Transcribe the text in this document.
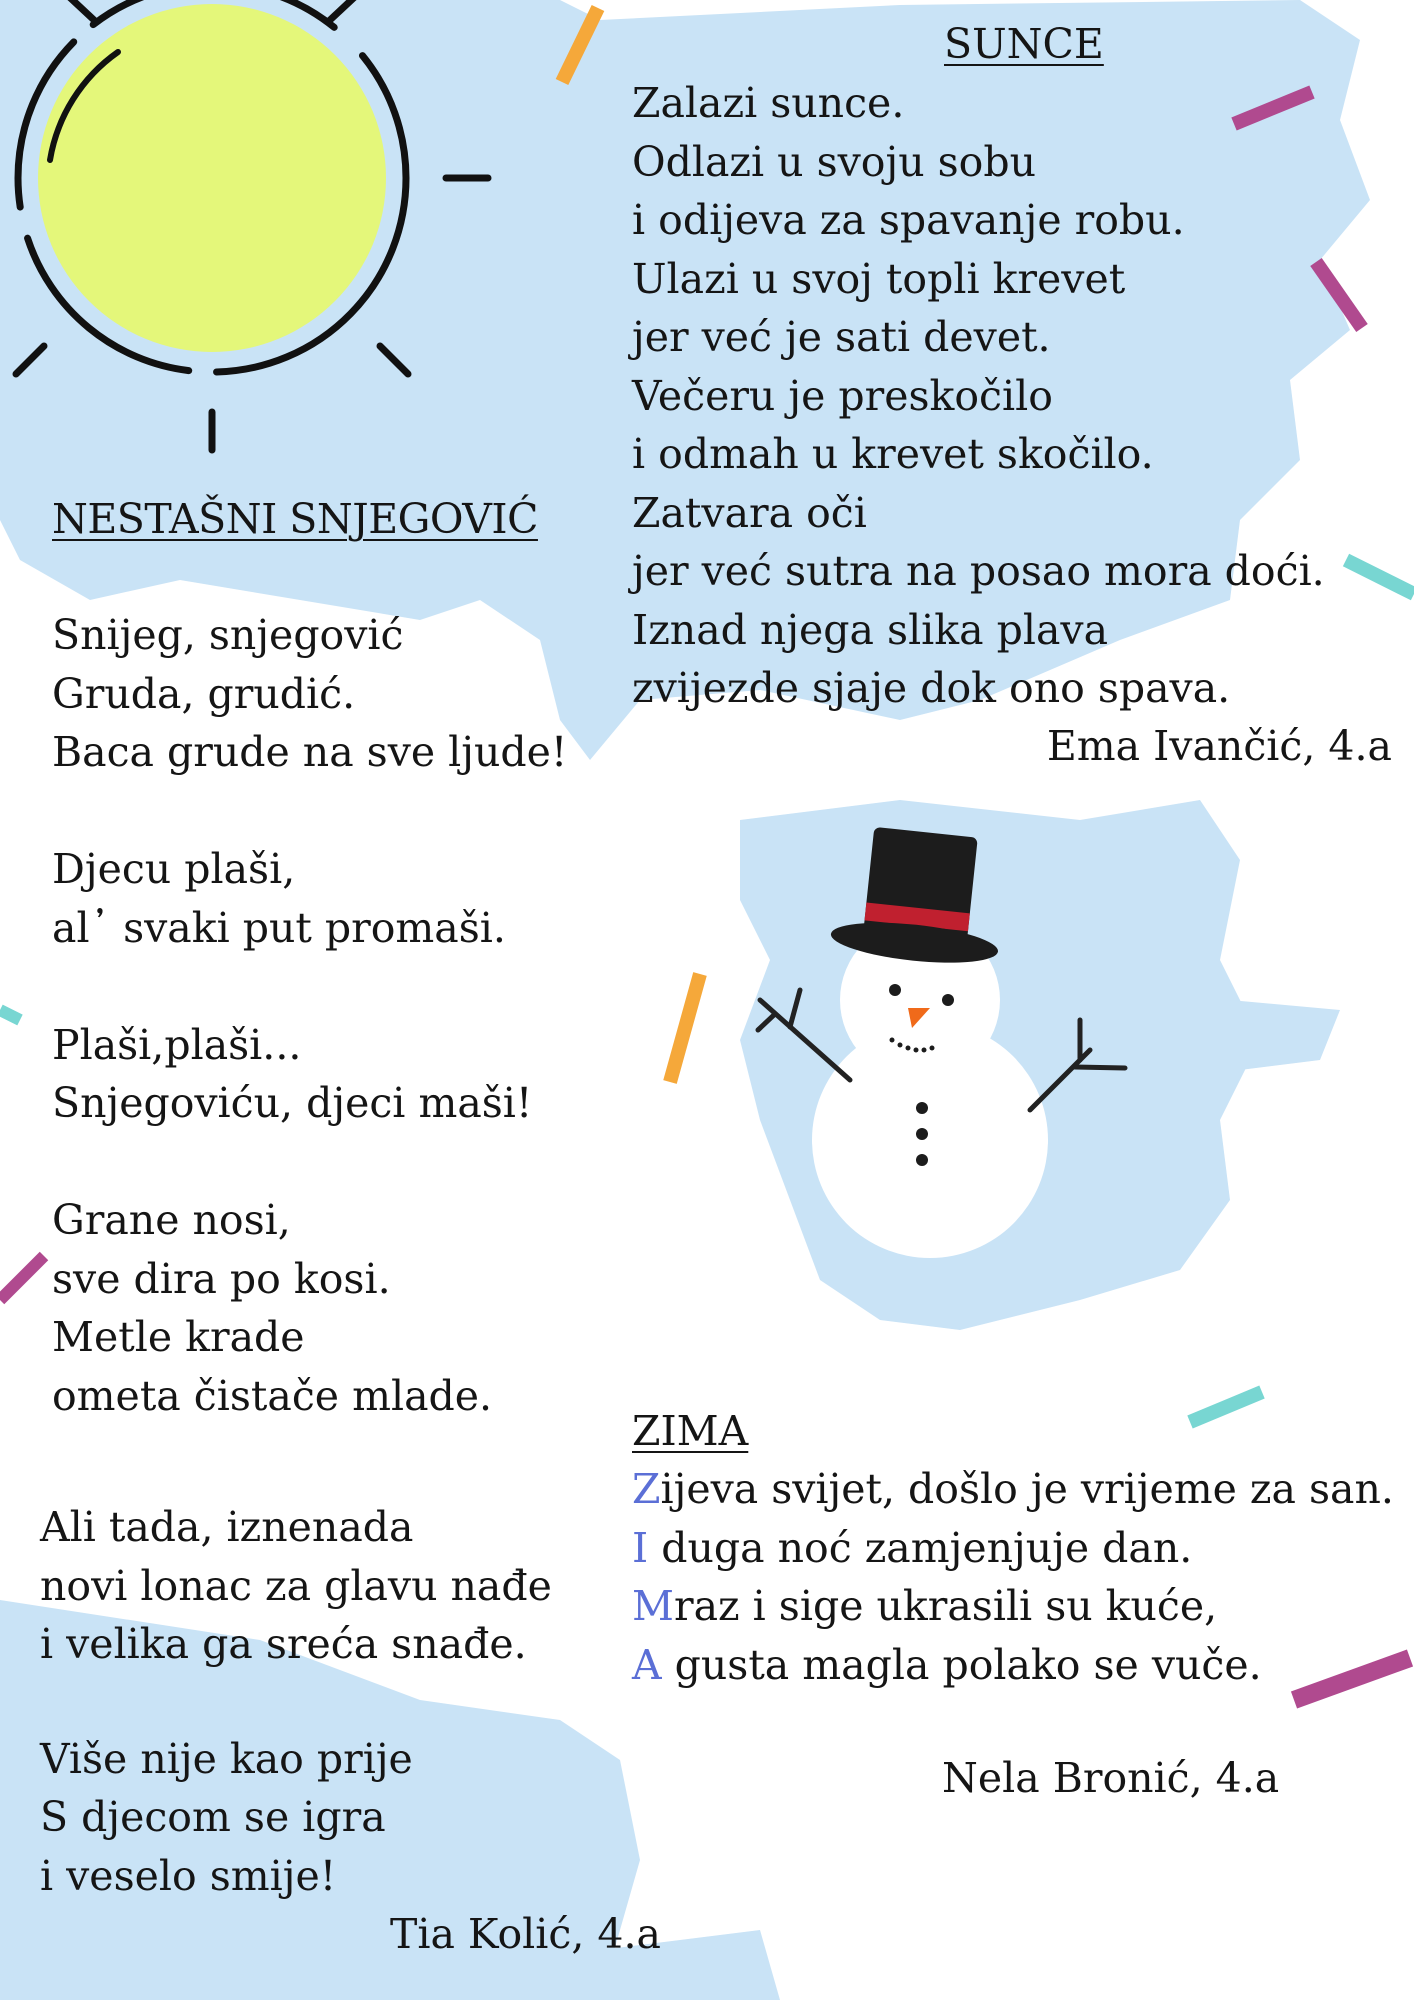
SUNCE
Zalazi sunce.
Odlazi u svoju sobu
i odijeva za spavanje robu.
Ulazi u svoj topli krevet
jer već je sati devet.
Večeru je preskočilo
i odmah u krevet skočilo.
Zatvara oči
jer već sutra na posao mora doći.
Iznad njega slika plava
zvijezde sjaje dok ono spava.
Ema Ivančić, 4.a
NESTAŠNI SNJEGOVIĆ
Snijeg, snjegović
Gruda, grudić.
Baca grude na sve ljude!
Djecu plaši,
al᾽ svaki put promaši.
Plaši,plaši...
Snjegoviću, djeci maši!
Grane nosi,
sve dira po kosi.
Metle krade
ometa čistače mlade.
Ali tada, iznenada
novi lonac za glavu nađe
i velika ga sreća snađe.
Više nije kao prije
S djecom se igra
i veselo smije!
Tia Kolić, 4.a
ZIMA
Zijeva svijet, došlo je vrijeme za san.
I duga noć zamjenjuje dan.
Mraz i sige ukrasili su kuće,
A gusta magla polako se vuče.
Nela Bronić, 4.a
